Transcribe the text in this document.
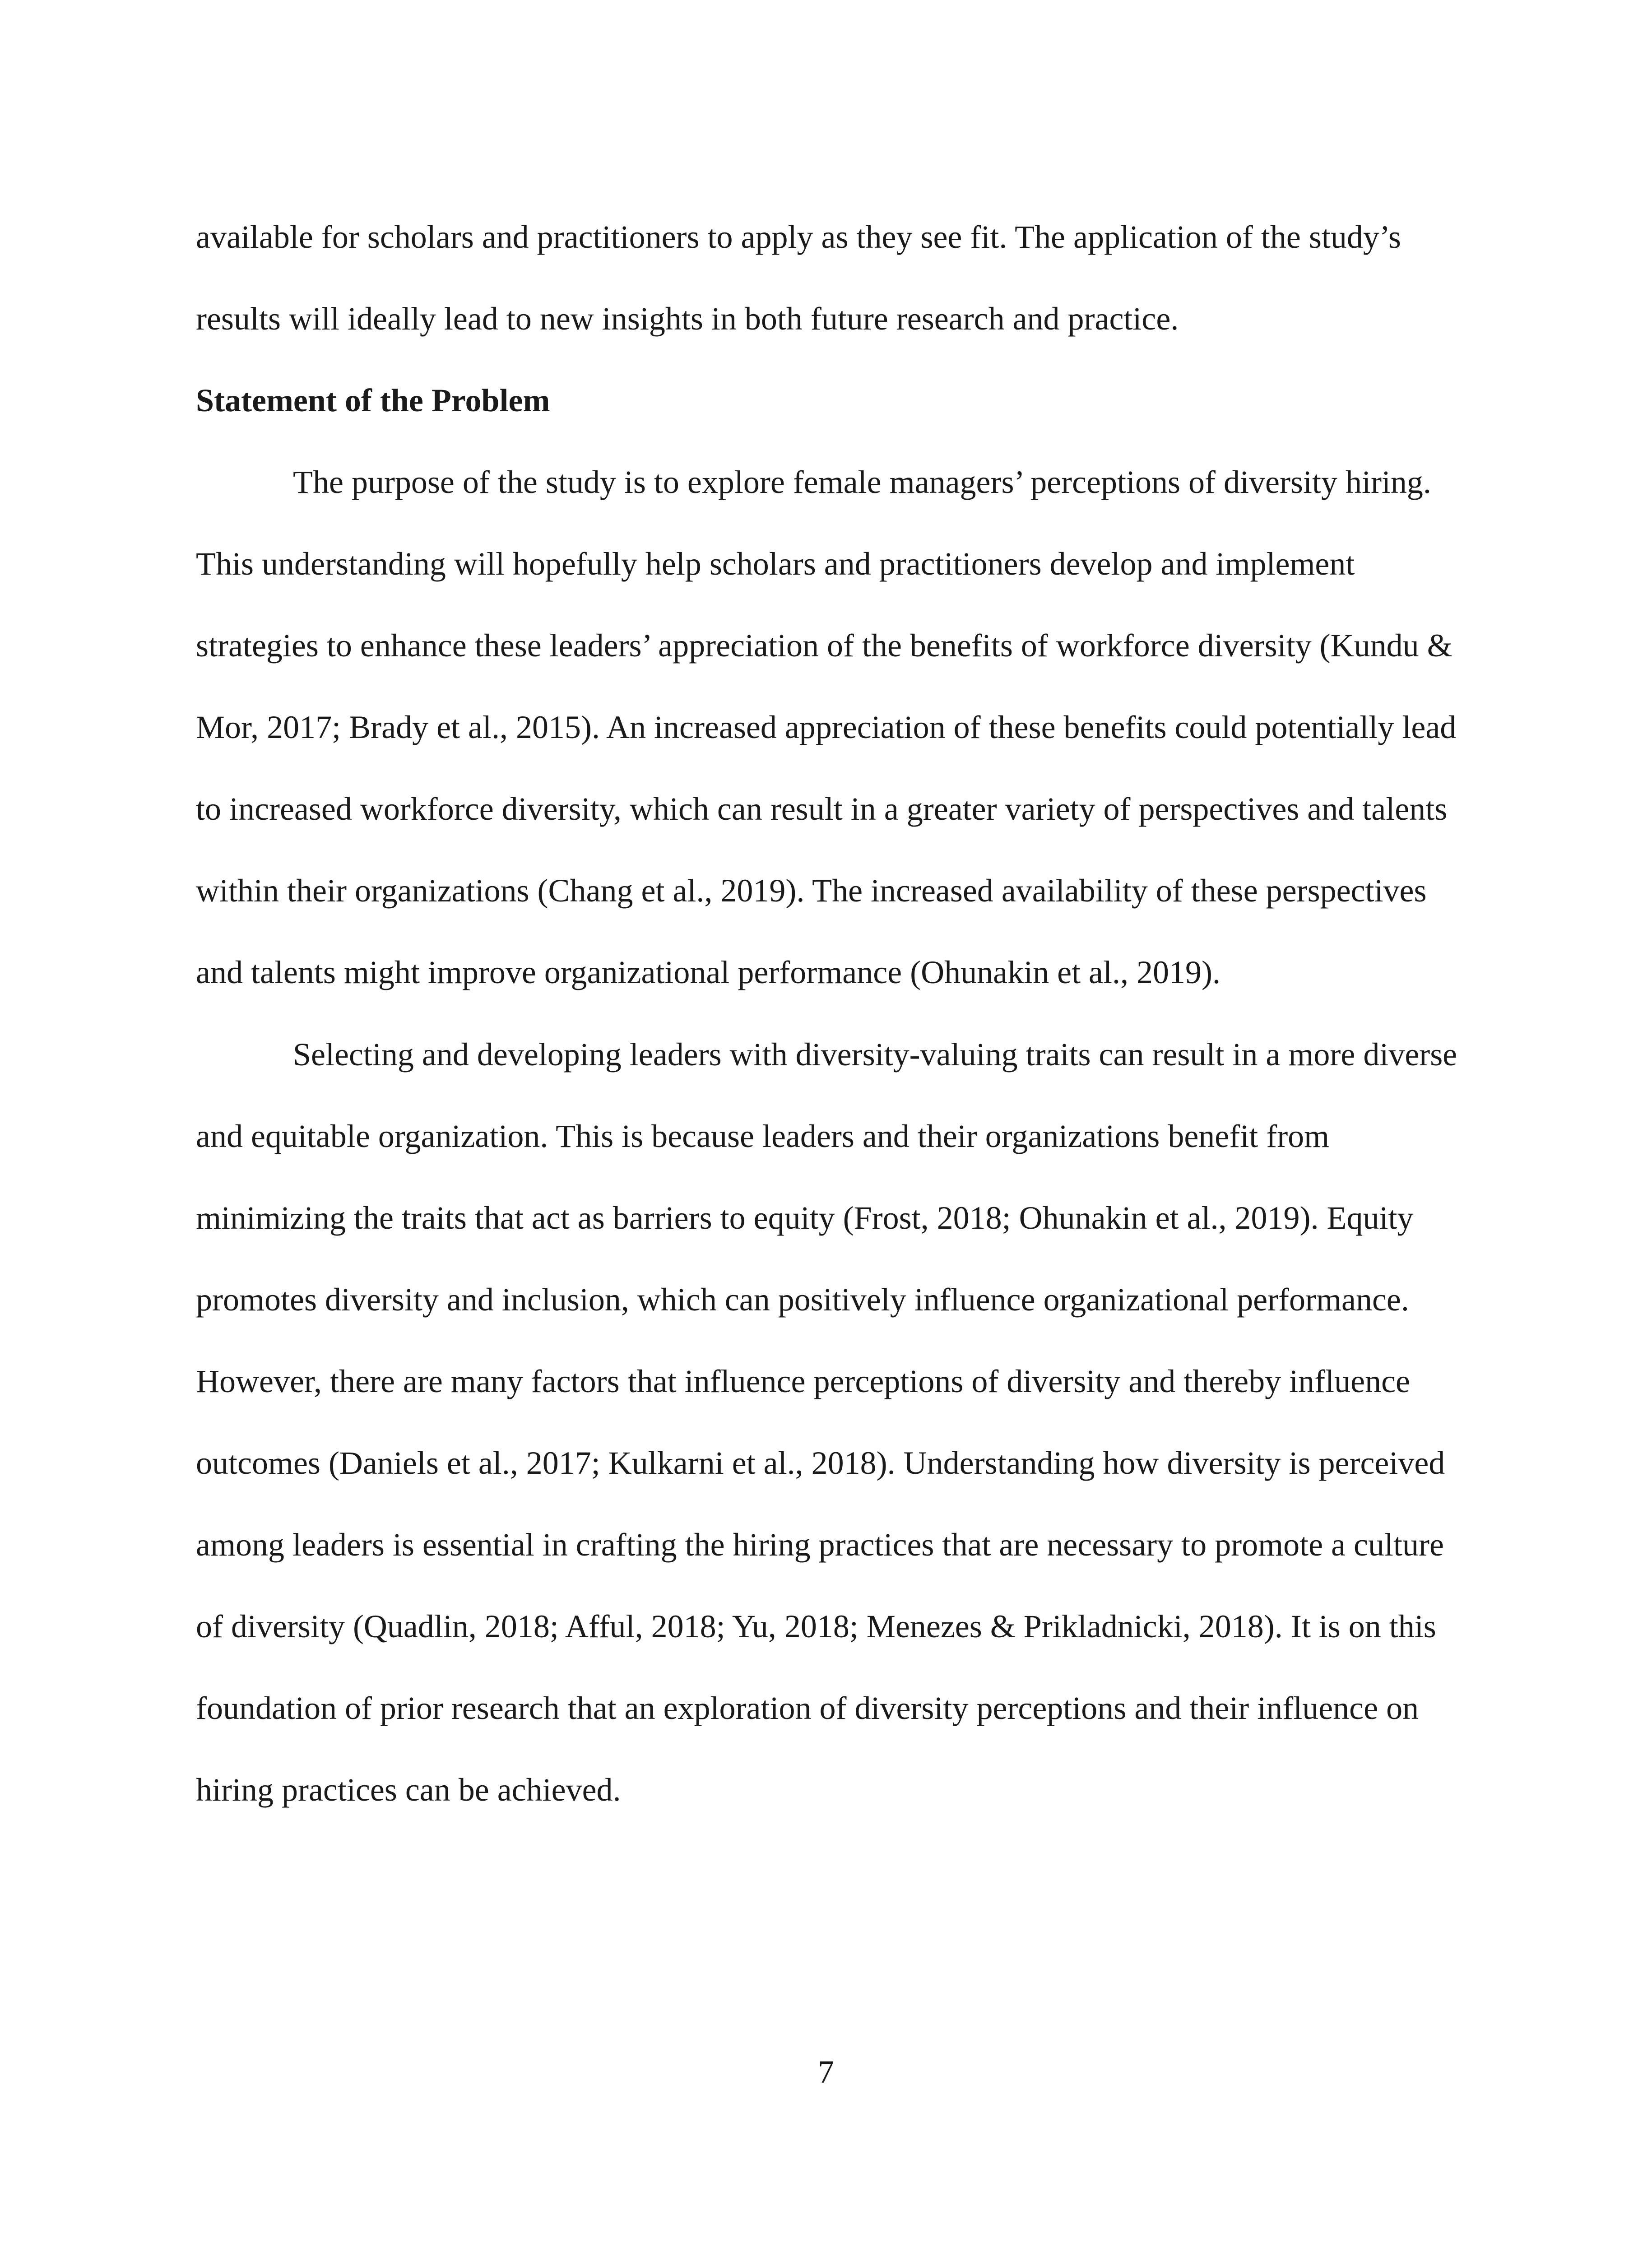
available for scholars and practitioners to apply as they see fit. The application of the study’s results will ideally lead to new insights in both future research and practice.

Statement of the Problem

The purpose of the study is to explore female managers’ perceptions of diversity hiring. This understanding will hopefully help scholars and practitioners develop and implement strategies to enhance these leaders’ appreciation of the benefits of workforce diversity (Kundu & Mor, 2017; Brady et al., 2015). An increased appreciation of these benefits could potentially lead to increased workforce diversity, which can result in a greater variety of perspectives and talents within their organizations (Chang et al., 2019). The increased availability of these perspectives and talents might improve organizational performance (Ohunakin et al., 2019).

Selecting and developing leaders with diversity-valuing traits can result in a more diverse and equitable organization. This is because leaders and their organizations benefit from minimizing the traits that act as barriers to equity (Frost, 2018; Ohunakin et al., 2019). Equity promotes diversity and inclusion, which can positively influence organizational performance. However, there are many factors that influence perceptions of diversity and thereby influence outcomes (Daniels et al., 2017; Kulkarni et al., 2018). Understanding how diversity is perceived among leaders is essential in crafting the hiring practices that are necessary to promote a culture of diversity (Quadlin, 2018; Afful, 2018; Yu, 2018; Menezes & Prikladnicki, 2018). It is on this foundation of prior research that an exploration of diversity perceptions and their influence on hiring practices can be achieved.

7
